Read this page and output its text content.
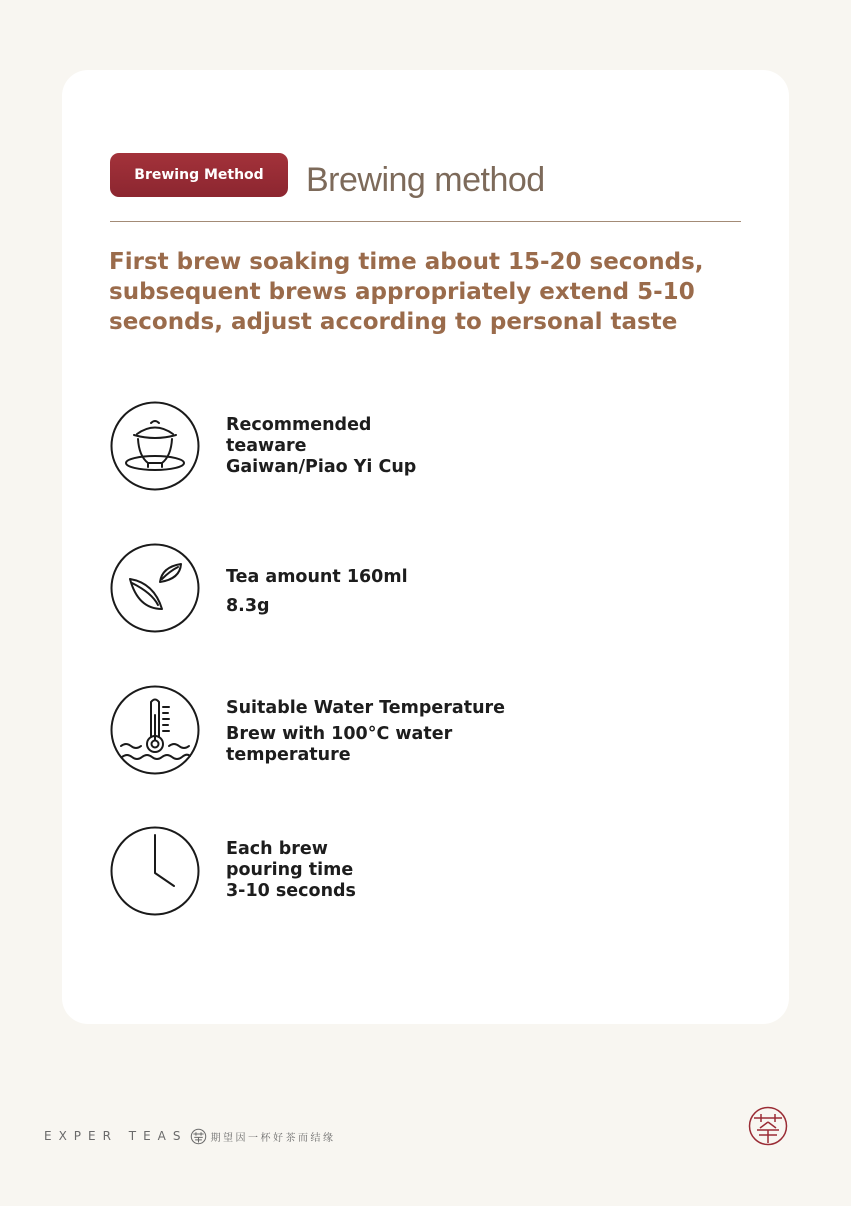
Brewing Method	Brewing method
First brew soaking time about 15-20 seconds, subsequent brews appropriately extend 5-10 seconds, adjust according to personal taste
Recommended
teaware
Gaiwan/Piao Yi Cup
Tea amount 160ml
8.3g
Suitable Water Temperature
Brew with 100°C water
temperature
Each brew
pouring time
3-10 seconds
EXPER TEAS 期望因一杯好茶而结缘
